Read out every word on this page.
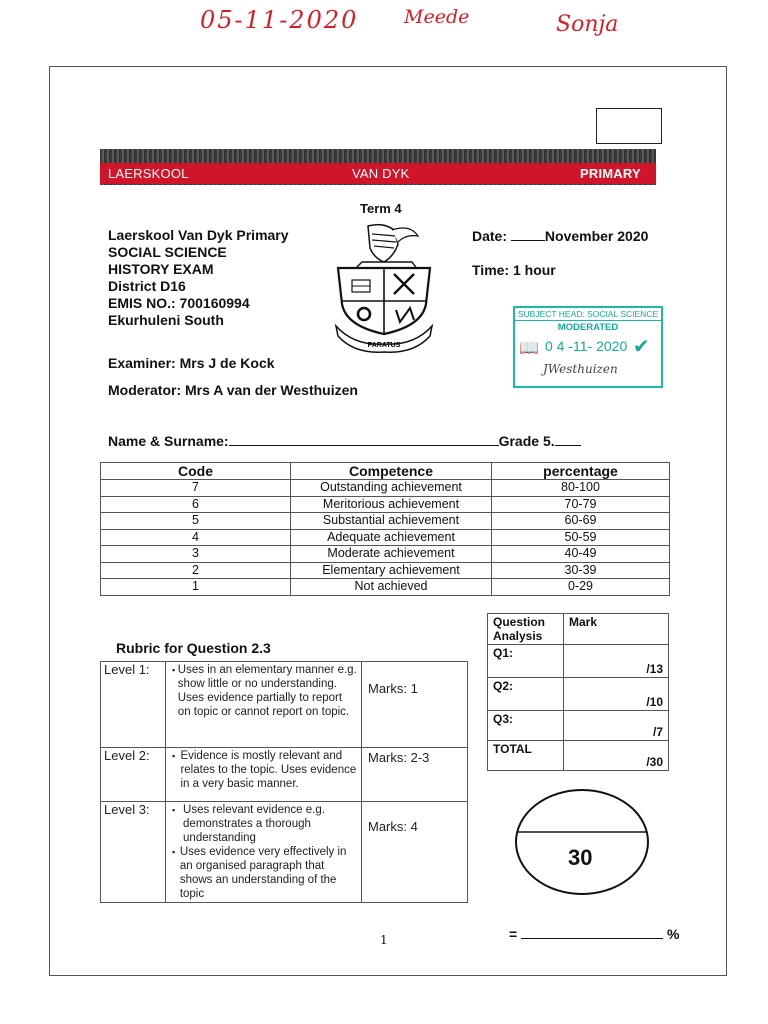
05-11-2020 Meede	Sonja
LAERSKOOL	VAN DYK	PRIMARY
Term 4
Laerskool Van Dyk Primary
SOCIAL SCIENCE
HISTORY EXAM
District D16
EMIS NO.: 700160994
Ekurhuleni South
PARATUS
Date:	November 2020
Time: 1 hour
SUBJECT HEAD: SOCIAL SCIENCE
MODERATED
📖 0 4 -11- 2020 ✔
JWesthuizen
Examiner: Mrs J de Kock
Moderator: Mrs A van der Westhuizen
Name & Surname:	Grade 5.
Code	Competence	percentage
7	Outstanding achievement	80-100
6	Meritorious achievement	70-79
5	Substantial achievement	60-69
4	Adequate achievement	50-59
3	Moderate achievement	40-49
2	Elementary achievement	30-39
1	Not achieved	0-29
Rubric for Question 2.3
Level 1:	▪ Uses in an elementary manner e.g. show little or no understanding. Uses evidence partially to report on topic or cannot report on topic.	Marks: 1
Level 2:	▪ Evidence is mostly relevant and relates to the topic. Uses evidence in a very basic manner.	Marks: 2-3
Level 3:	▪ Uses relevant evidence e.g. demonstrates a thorough understanding
▪ Uses evidence very effectively in an organised paragraph that shows an understanding of the topic	Marks: 4
Question Analysis	Mark
Q1:	/13
Q2:	/10
Q3:	/7
TOTAL	/30
30
=	%
1
